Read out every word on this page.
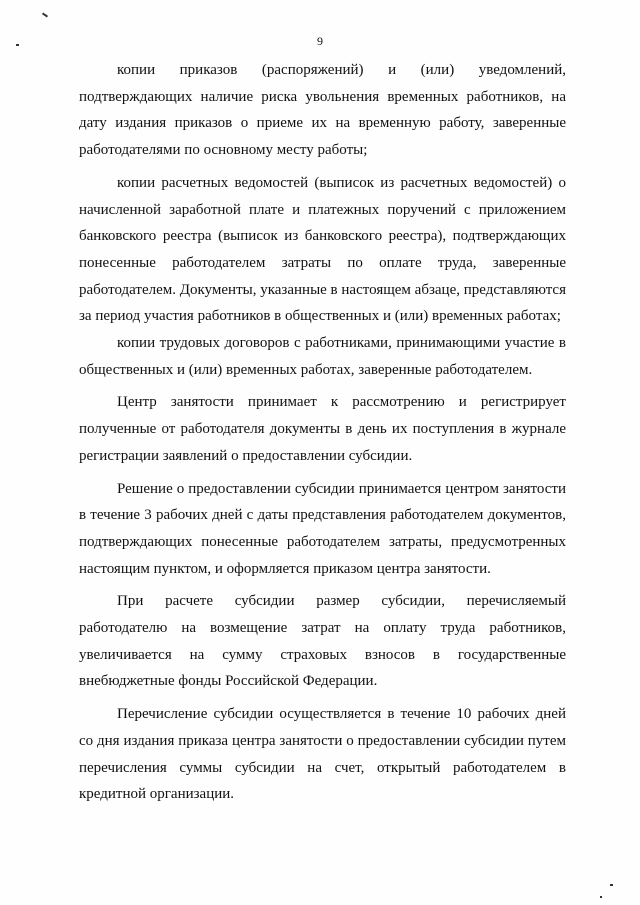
9

копии приказов (распоряжений) и (или) уведомлений, подтверждающих наличие риска увольнения временных работников, на дату издания приказов о приеме их на временную работу, заверенные работодателями по основному месту работы;

копии расчетных ведомостей (выписок из расчетных ведомостей) о начисленной заработной плате и платежных поручений с приложением банковского реестра (выписок из банковского реестра), подтверждающих понесенные работодателем затраты по оплате труда, заверенные работодателем. Документы, указанные в настоящем абзаце, представляются за период участия работников в общественных и (или) временных работах;

копии трудовых договоров с работниками, принимающими участие в общественных и (или) временных работах, заверенные работодателем.

Центр занятости принимает к рассмотрению и регистрирует полученные от работодателя документы в день их поступления в журнале регистрации заявлений о предоставлении субсидии.

Решение о предоставлении субсидии принимается центром занятости в течение 3 рабочих дней с даты представления работодателем документов, подтверждающих понесенные работодателем затраты, предусмотренных настоящим пунктом, и оформляется приказом центра занятости.

При расчете субсидии размер субсидии, перечисляемый работодателю на возмещение затрат на оплату труда работников, увеличивается на сумму страховых взносов в государственные внебюджетные фонды Российской Федерации.

Перечисление субсидии осуществляется в течение 10 рабочих дней со дня издания приказа центра занятости о предоставлении субсидии путем перечисления суммы субсидии на счет, открытый работодателем в кредитной организации.
